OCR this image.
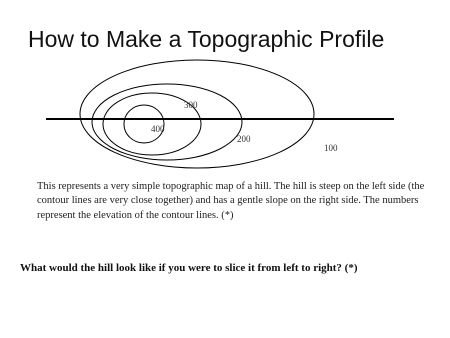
How to Make a Topographic Profile
100
200
300
400

This represents a very simple topographic map of a hill. The hill is steep on the left side (the contour lines are very close together) and has a gentle slope on the right side. The numbers represent the elevation of the contour lines. (*)

What would the hill look like if you were to slice it from left to right? (*)
